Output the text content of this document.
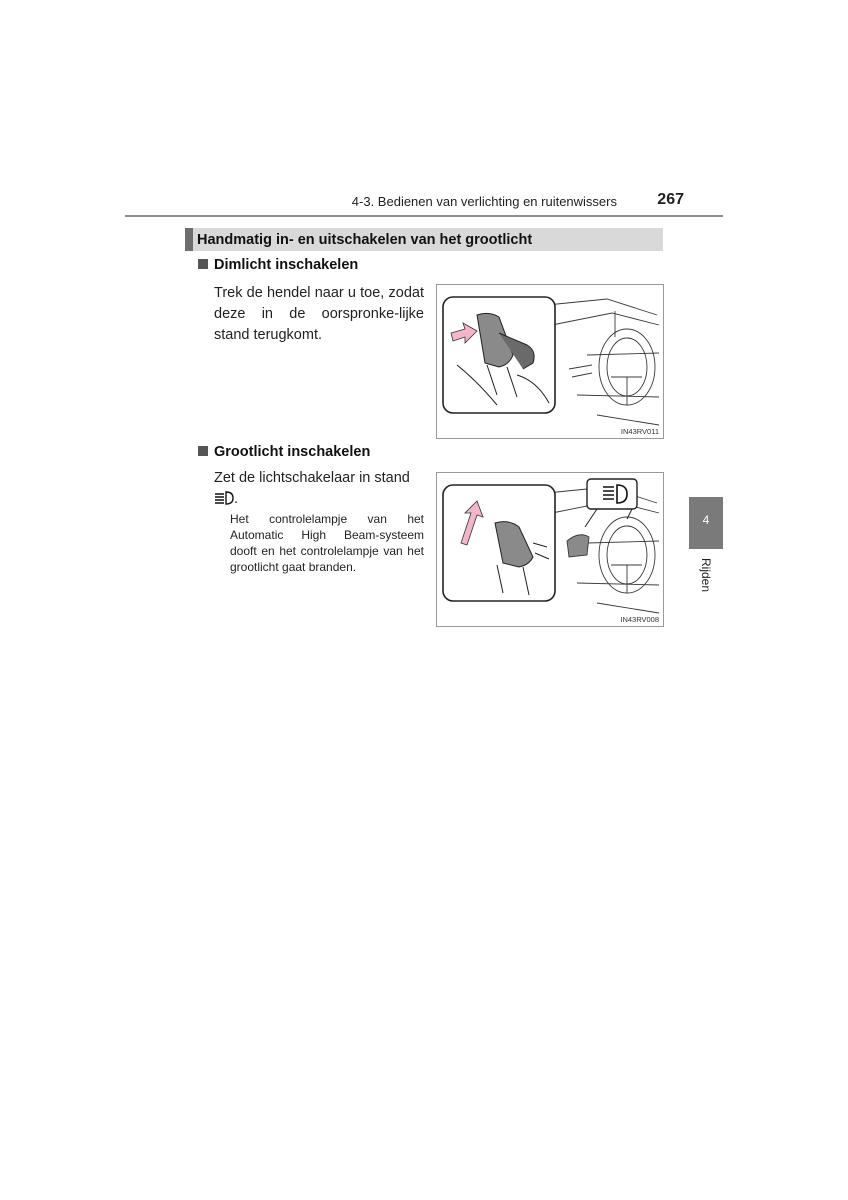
4-3. Bedienen van verlichting en ruitenwissers	267
Handmatig in- en uitschakelen van het grootlicht
Dimlicht inschakelen
Trek de hendel naar u toe, zodat deze in de oorspronke-lijke stand terugkomt.
IN43RV011
Grootlicht inschakelen
Zet de lichtschakelaar in stand
.
Het controlelampje van het Automatic High Beam-systeem dooft en het controlelampje van het grootlicht gaat branden.
IN43RV008
4
Rijden
